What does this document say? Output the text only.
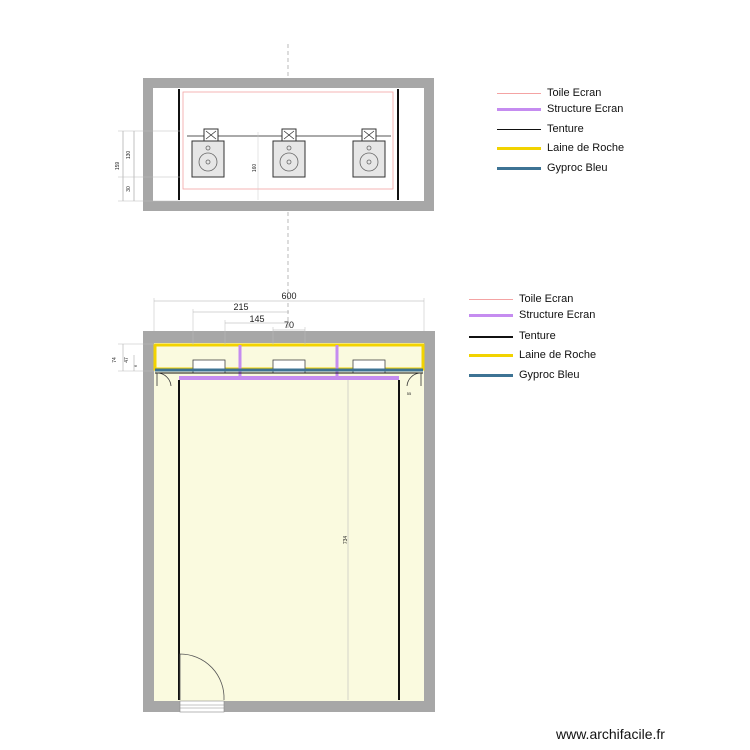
159
130
30
160
734
600
215
145
70
74 47
6
55
Toile Ecran
Structure Ecran
Tenture
Laine de Roche
Gyproc Bleu
Toile Ecran
Structure Ecran
Tenture
Laine de Roche
Gyproc Bleu
www.archifacile.fr
